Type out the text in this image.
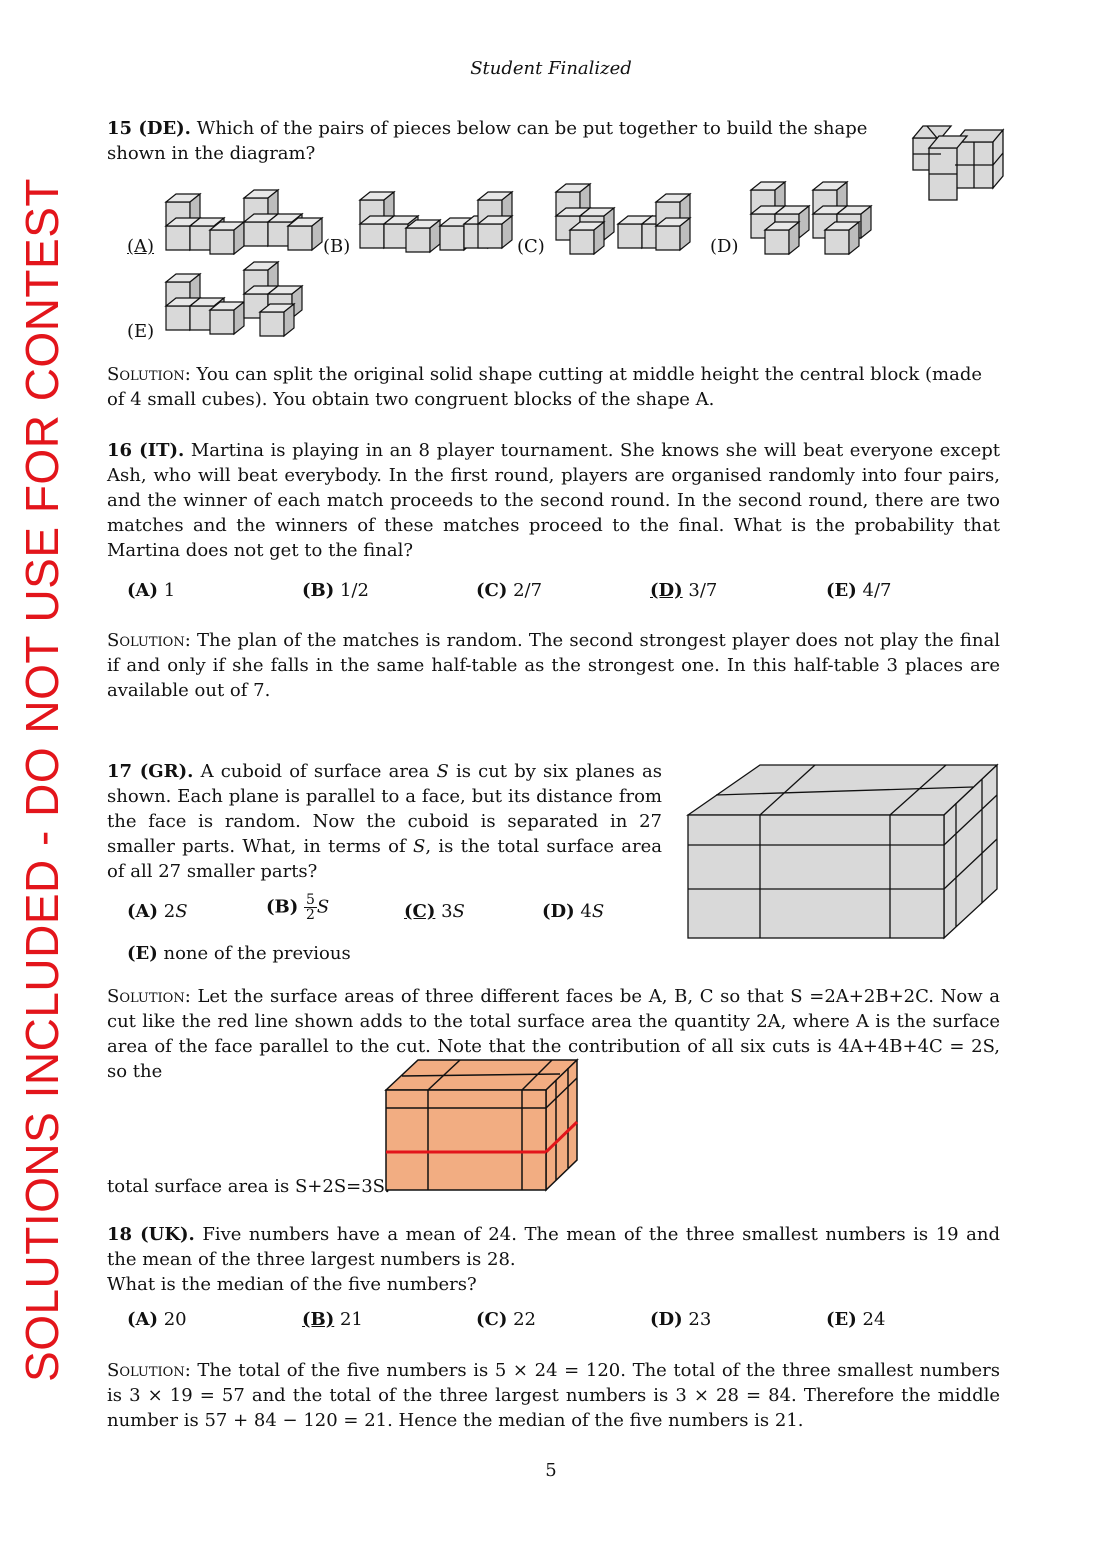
SOLUTIONS INCLUDED - DO NOT USE FOR CONTEST
Student Finalized

15 (DE). Which of the pairs of pieces below can be put together to build the shape shown in the diagram?

(A)	(B)	(C)	(D)
(E)

Solution: You can split the original solid shape cutting at middle height the central block (made of 4 small cubes). You obtain two congruent blocks of the shape A.

16 (IT). Martina is playing in an 8 player tournament. She knows she will beat everyone except Ash, who will beat everybody. In the first round, players are organised randomly into four pairs, and the winner of each match proceeds to the second round. In the second round, there are two matches and the winners of these matches proceed to the final. What is the probability that Martina does not get to the final?

(A) 1	(B) 1/2	(C) 2/7	(D) 3/7	(E) 4/7

Solution: The plan of the matches is random. The second strongest player does not play the final if and only if she falls in the same half-table as the strongest one. In this half-table 3 places are available out of 7.

17 (GR). A cuboid of surface area S is cut by six planes as shown. Each plane is parallel to a face, but its distance from the face is random. Now the cuboid is separated in 27 smaller parts. What, in terms of S, is the total surface area of all 27 smaller parts?

(A) 2S	$(B) \frac{5}{2}$ S	(C) 3S	(D) 4S
(E) none of the previous

Solution: Let the surface areas of three different faces be A, B, C so that S =2A+2B+2C. Now a cut like the red line shown adds to the total surface area the quantity 2A, where A is the surface area of the face parallel to the cut. Note that the contribution of all six cuts is 4A+4B+4C = 2S, so the

total surface area is S+2S=3S.

18 (UK). Five numbers have a mean of 24. The mean of the three smallest numbers is 19 and the mean of the three largest numbers is 28.

What is the median of the five numbers?

(A) 20	(B) 21	(C) 22	(D) 23	(E) 24

Solution: The total of the five numbers is 5 × 24 = 120. The total of the three smallest numbers is 3 × 19 = 57 and the total of the three largest numbers is 3 × 28 = 84. Therefore the middle number is 57 + 84 − 120 = 21. Hence the median of the five numbers is 21.

5
